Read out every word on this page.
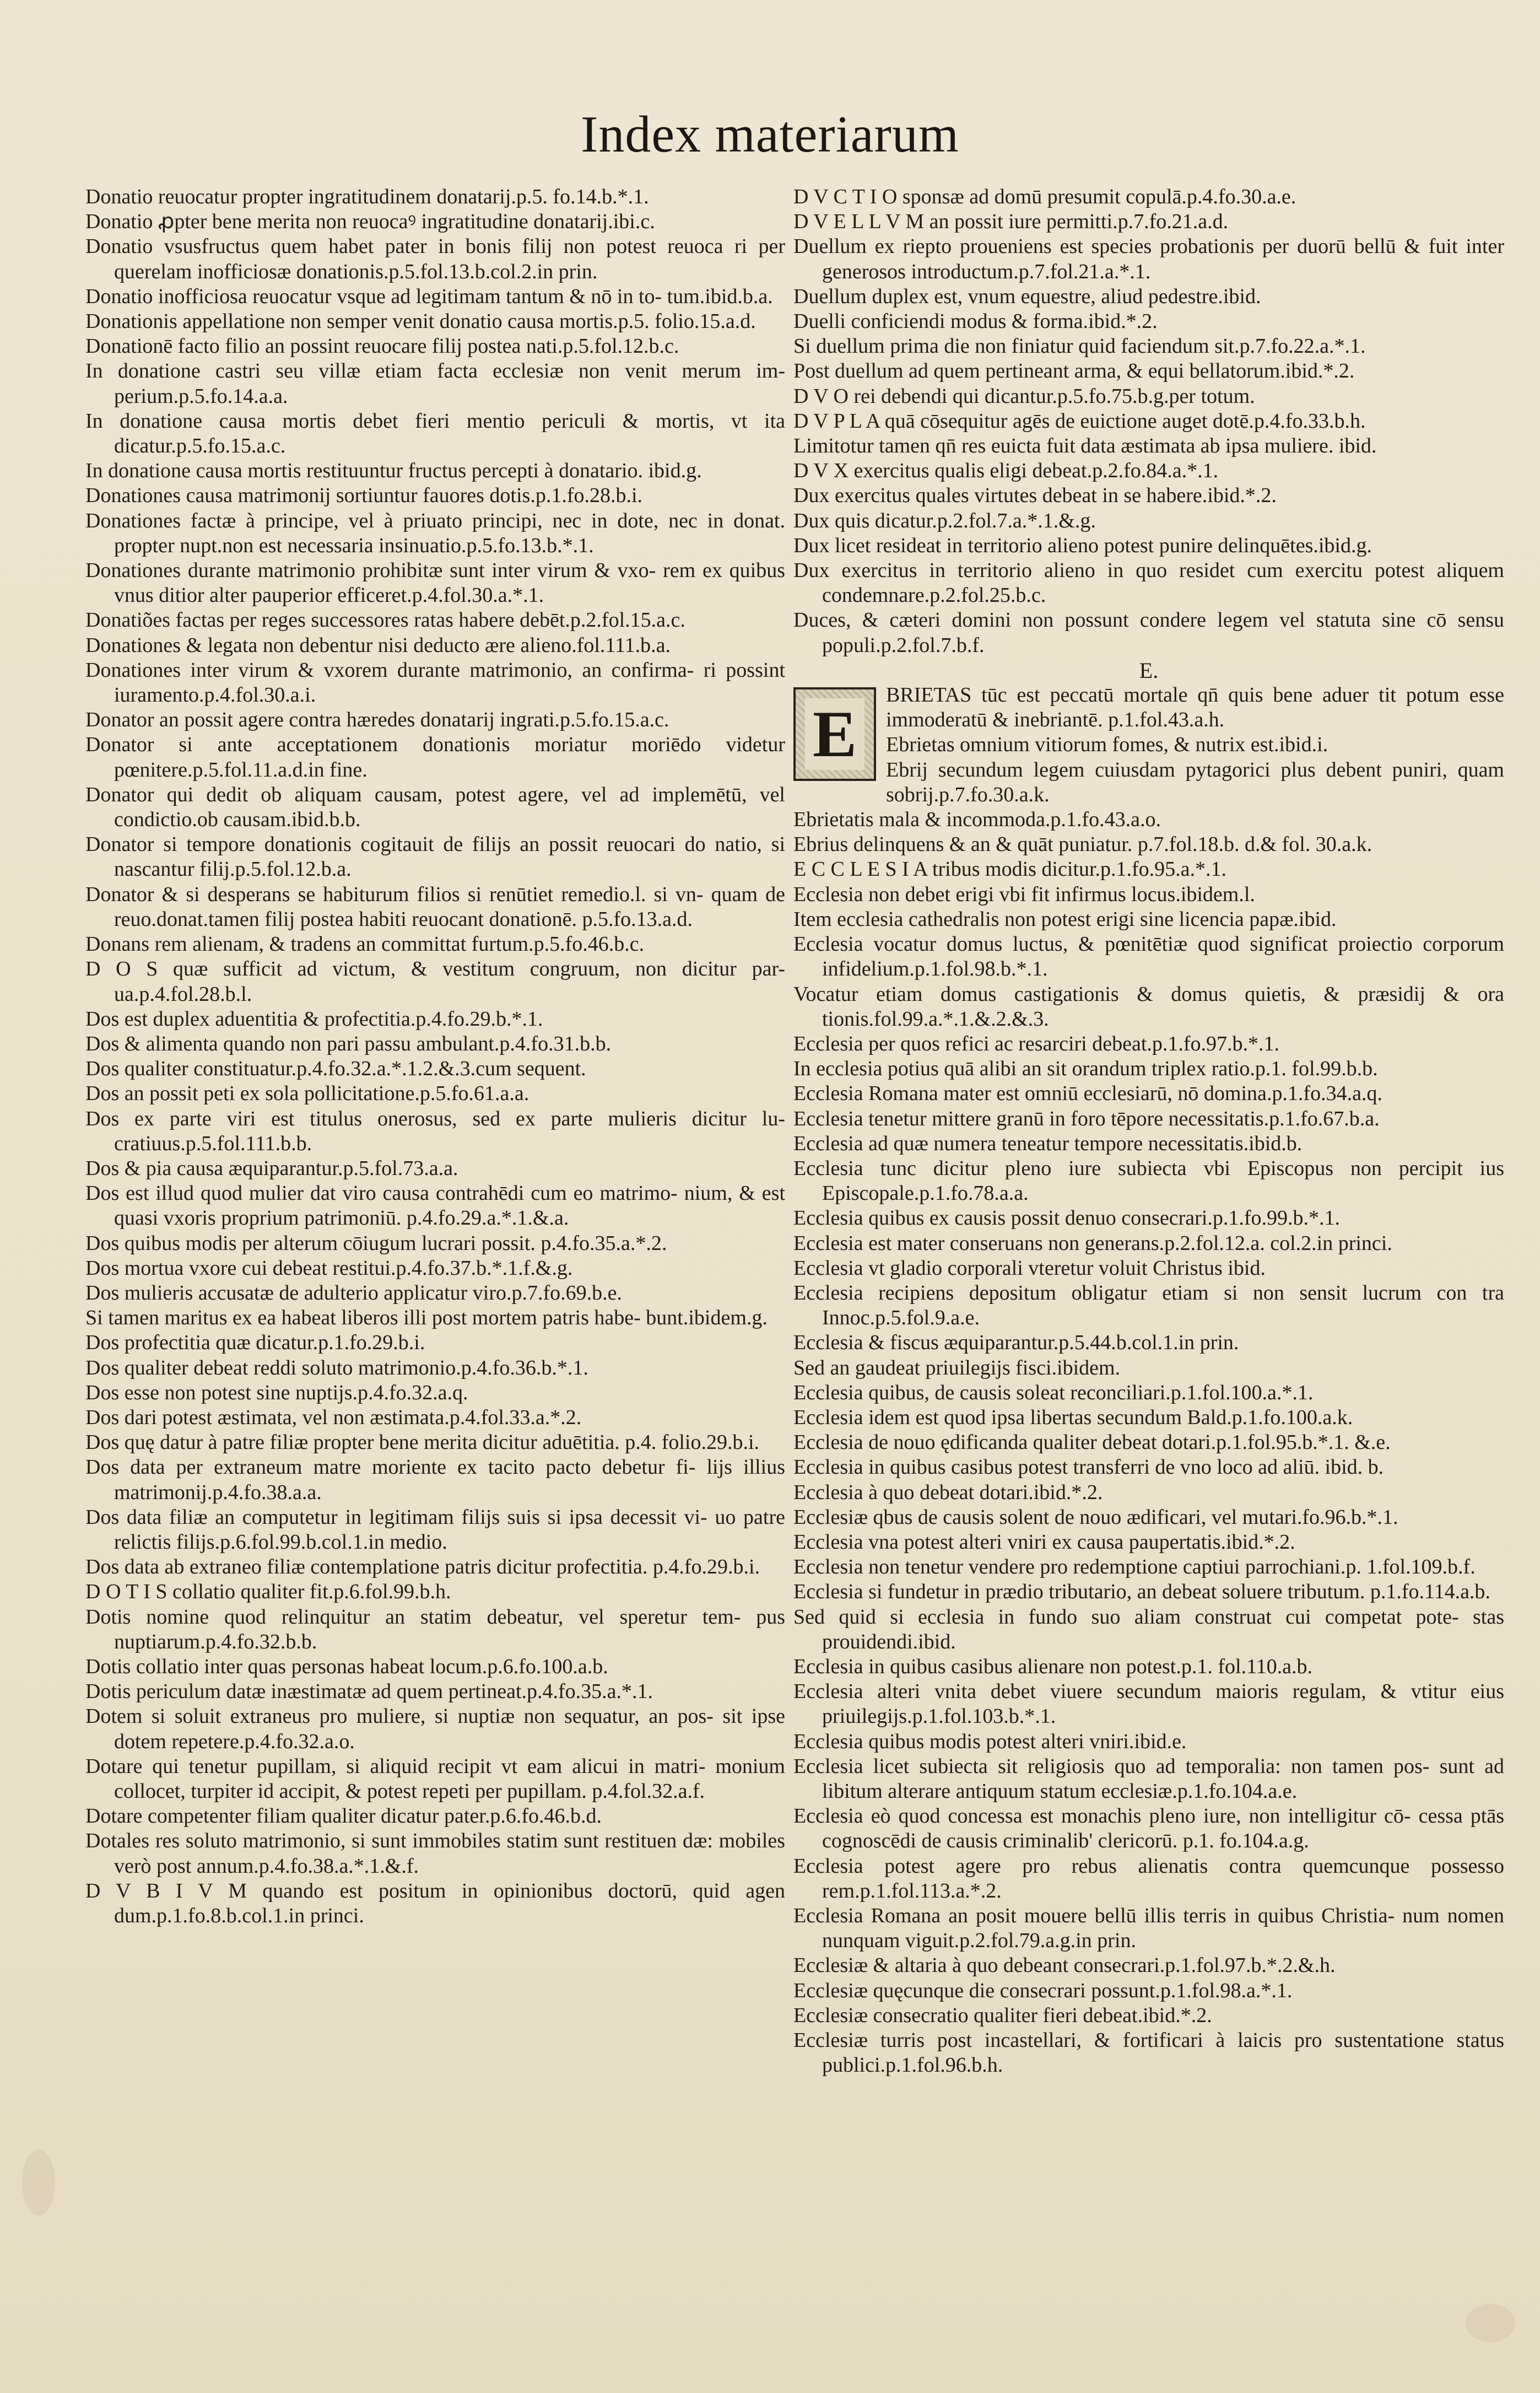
Index materiarum

Donatio reuocatur propter ingratitudinem donatarij.p.5. fo.14.b.*.1.

Donatio ꝓpter bene merita non reuocaꝰ ingratitudine donatarij.ibi.c.

Donatio vsusfructus quem habet pater in bonis filij non potest reuoca ri per querelam inofficiosæ donationis.p.5.fol.13.b.col.2.in prin.

Donatio inofficiosa reuocatur vsque ad legitimam tantum & nō in to- tum.ibid.b.a.

Donationis appellatione non semper venit donatio causa mortis.p.5. folio.15.a.d.

Donationē facto filio an possint reuocare filij postea nati.p.5.fol.12.b.c.

In donatione castri seu villæ etiam facta ecclesiæ non venit merum im- perium.p.5.fo.14.a.a.

In donatione causa mortis debet fieri mentio periculi & mortis, vt ita dicatur.p.5.fo.15.a.c.

In donatione causa mortis restituuntur fructus percepti à donatario. ibid.g.

Donationes causa matrimonij sortiuntur fauores dotis.p.1.fo.28.b.i.

Donationes factæ à principe, vel à priuato principi, nec in dote, nec in donat. propter nupt.non est necessaria insinuatio.p.5.fo.13.b.*.1.

Donationes durante matrimonio prohibitæ sunt inter virum & vxo- rem ex quibus vnus ditior alter pauperior efficeret.p.4.fol.30.a.*.1.

Donatiões factas per reges successores ratas habere debēt.p.2.fol.15.a.c.

Donationes & legata non debentur nisi deducto ære alieno.fol.111.b.a.

Donationes inter virum & vxorem durante matrimonio, an confirma- ri possint iuramento.p.4.fol.30.a.i.

Donator an possit agere contra hæredes donatarij ingrati.p.5.fo.15.a.c.

Donator si ante acceptationem donationis moriatur moriēdo videtur pœnitere.p.5.fol.11.a.d.in fine.

Donator qui dedit ob aliquam causam, potest agere, vel ad implemētū, vel condictio.ob causam.ibid.b.b.

Donator si tempore donationis cogitauit de filijs an possit reuocari do natio, si nascantur filij.p.5.fol.12.b.a.

Donator & si desperans se habiturum filios si renūtiet remedio.l. si vn- quam de reuo.donat.tamen filij postea habiti reuocant donationē. p.5.fo.13.a.d.

Donans rem alienam, & tradens an committat furtum.p.5.fo.46.b.c.

D O S quæ sufficit ad victum, & vestitum congruum, non dicitur par- ua.p.4.fol.28.b.l.

Dos est duplex aduentitia & profectitia.p.4.fo.29.b.*.1.

Dos & alimenta quando non pari passu ambulant.p.4.fo.31.b.b.

Dos qualiter constituatur.p.4.fo.32.a.*.1.2.&.3.cum sequent.

Dos an possit peti ex sola pollicitatione.p.5.fo.61.a.a.

Dos ex parte viri est titulus onerosus, sed ex parte mulieris dicitur lu- cratiuus.p.5.fol.111.b.b.

Dos & pia causa æquiparantur.p.5.fol.73.a.a.

Dos est illud quod mulier dat viro causa contrahēdi cum eo matrimo- nium, & est quasi vxoris proprium patrimoniū. p.4.fo.29.a.*.1.&.a.

Dos quibus modis per alterum cōiugum lucrari possit. p.4.fo.35.a.*.2.

Dos mortua vxore cui debeat restitui.p.4.fo.37.b.*.1.f.&.g.

Dos mulieris accusatæ de adulterio applicatur viro.p.7.fo.69.b.e.

Si tamen maritus ex ea habeat liberos illi post mortem patris habe- bunt.ibidem.g.

Dos profectitia quæ dicatur.p.1.fo.29.b.i.

Dos qualiter debeat reddi soluto matrimonio.p.4.fo.36.b.*.1.

Dos esse non potest sine nuptijs.p.4.fo.32.a.q.

Dos dari potest æstimata, vel non æstimata.p.4.fol.33.a.*.2.

Dos quę datur à patre filiæ propter bene merita dicitur aduētitia. p.4. folio.29.b.i.

Dos data per extraneum matre moriente ex tacito pacto debetur fi- lijs illius matrimonij.p.4.fo.38.a.a.

Dos data filiæ an computetur in legitimam filijs suis si ipsa decessit vi- uo patre relictis filijs.p.6.fol.99.b.col.1.in medio.

Dos data ab extraneo filiæ contemplatione patris dicitur profectitia. p.4.fo.29.b.i.

D O T I S collatio qualiter fit.p.6.fol.99.b.h.

Dotis nomine quod relinquitur an statim debeatur, vel speretur tem- pus nuptiarum.p.4.fo.32.b.b.

Dotis collatio inter quas personas habeat locum.p.6.fo.100.a.b.

Dotis periculum datæ inæstimatæ ad quem pertineat.p.4.fo.35.a.*.1.

Dotem si soluit extraneus pro muliere, si nuptiæ non sequatur, an pos- sit ipse dotem repetere.p.4.fo.32.a.o.

Dotare qui tenetur pupillam, si aliquid recipit vt eam alicui in matri- monium collocet, turpiter id accipit, & potest repeti per pupillam. p.4.fol.32.a.f.

Dotare competenter filiam qualiter dicatur pater.p.6.fo.46.b.d.

Dotales res soluto matrimonio, si sunt immobiles statim sunt restituen dæ: mobiles verò post annum.p.4.fo.38.a.*.1.&.f.

D V B I V M quando est positum in opinionibus doctorū, quid agen dum.p.1.fo.8.b.col.1.in princi.

D V C T I O sponsæ ad domū presumit copulā.p.4.fo.30.a.e.

D V E L L V M an possit iure permitti.p.7.fo.21.a.d.

Duellum ex riepto proueniens est species probationis per duorū bellū & fuit inter generosos introductum.p.7.fol.21.a.*.1.

Duellum duplex est, vnum equestre, aliud pedestre.ibid.

Duelli conficiendi modus & forma.ibid.*.2.

Si duellum prima die non finiatur quid faciendum sit.p.7.fo.22.a.*.1.

Post duellum ad quem pertineant arma, & equi bellatorum.ibid.*.2.

D V O rei debendi qui dicantur.p.5.fo.75.b.g.per totum.

D V P L A quā cōsequitur agēs de euictione auget dotē.p.4.fo.33.b.h.

Limitotur tamen qn̄ res euicta fuit data æstimata ab ipsa muliere. ibid.

D V X exercitus qualis eligi debeat.p.2.fo.84.a.*.1.

Dux exercitus quales virtutes debeat in se habere.ibid.*.2.

Dux quis dicatur.p.2.fol.7.a.*.1.&.g.

Dux licet resideat in territorio alieno potest punire delinquētes.ibid.g.

Dux exercitus in territorio alieno in quo residet cum exercitu potest aliquem condemnare.p.2.fol.25.b.c.

Duces, & cæteri domini non possunt condere legem vel statuta sine cō sensu populi.p.2.fol.7.b.f.

E.

E

BRIETAS tūc est peccatū mortale qn̄ quis bene aduer tit potum esse immoderatū & inebriantē. p.1.fol.43.a.h.

Ebrietas omnium vitiorum fomes, & nutrix est.ibid.i.

Ebrij secundum legem cuiusdam pytagorici plus debent puniri, quam sobrij.p.7.fo.30.a.k.

Ebrietatis mala & incommoda.p.1.fo.43.a.o.

Ebrius delinquens & an & quāt puniatur. p.7.fol.18.b. d.& fol. 30.a.k.

E C C L E S I A tribus modis dicitur.p.1.fo.95.a.*.1.

Ecclesia non debet erigi vbi fit infirmus locus.ibidem.l.

Item ecclesia cathedralis non potest erigi sine licencia papæ.ibid.

Ecclesia vocatur domus luctus, & pœnitētiæ quod significat proiectio corporum infidelium.p.1.fol.98.b.*.1.

Vocatur etiam domus castigationis & domus quietis, & præsidij & ora tionis.fol.99.a.*.1.&.2.&.3.

Ecclesia per quos refici ac resarciri debeat.p.1.fo.97.b.*.1.

In ecclesia potius quā alibi an sit orandum triplex ratio.p.1. fol.99.b.b.

Ecclesia Romana mater est omniū ecclesiarū, nō domina.p.1.fo.34.a.q.

Ecclesia tenetur mittere granū in foro tēpore necessitatis.p.1.fo.67.b.a.

Ecclesia ad quæ numera teneatur tempore necessitatis.ibid.b.

Ecclesia tunc dicitur pleno iure subiecta vbi Episcopus non percipit ius Episcopale.p.1.fo.78.a.a.

Ecclesia quibus ex causis possit denuo consecrari.p.1.fo.99.b.*.1.

Ecclesia est mater conseruans non generans.p.2.fol.12.a. col.2.in princi.

Ecclesia vt gladio corporali vteretur voluit Christus ibid.

Ecclesia recipiens depositum obligatur etiam si non sensit lucrum con tra Innoc.p.5.fol.9.a.e.

Ecclesia & fiscus æquiparantur.p.5.44.b.col.1.in prin.

Sed an gaudeat priuilegijs fisci.ibidem.

Ecclesia quibus, de causis soleat reconciliari.p.1.fol.100.a.*.1.

Ecclesia idem est quod ipsa libertas secundum Bald.p.1.fo.100.a.k.

Ecclesia de nouo ędificanda qualiter debeat dotari.p.1.fol.95.b.*.1. &.e.

Ecclesia in quibus casibus potest transferri de vno loco ad aliū. ibid. b.

Ecclesia à quo debeat dotari.ibid.*.2.

Ecclesiæ qbus de causis solent de nouo ædificari, vel mutari.fo.96.b.*.1.

Ecclesia vna potest alteri vniri ex causa paupertatis.ibid.*.2.

Ecclesia non tenetur vendere pro redemptione captiui parrochiani.p. 1.fol.109.b.f.

Ecclesia si fundetur in prædio tributario, an debeat soluere tributum. p.1.fo.114.a.b.

Sed quid si ecclesia in fundo suo aliam construat cui competat pote- stas prouidendi.ibid.

Ecclesia in quibus casibus alienare non potest.p.1. fol.110.a.b.

Ecclesia alteri vnita debet viuere secundum maioris regulam, & vtitur eius priuilegijs.p.1.fol.103.b.*.1.

Ecclesia quibus modis potest alteri vniri.ibid.e.

Ecclesia licet subiecta sit religiosis quo ad temporalia: non tamen pos- sunt ad libitum alterare antiquum statum ecclesiæ.p.1.fo.104.a.e.

Ecclesia eò quod concessa est monachis pleno iure, non intelligitur cō- cessa ptās cognoscēdi de causis criminalib' clericorū. p.1. fo.104.a.g.

Ecclesia potest agere pro rebus alienatis contra quemcunque possesso rem.p.1.fol.113.a.*.2.

Ecclesia Romana an posit mouere bellū illis terris in quibus Christia- num nomen nunquam viguit.p.2.fol.79.a.g.in prin.

Ecclesiæ & altaria à quo debeant consecrari.p.1.fol.97.b.*.2.&.h.

Ecclesiæ quęcunque die consecrari possunt.p.1.fol.98.a.*.1.

Ecclesiæ consecratio qualiter fieri debeat.ibid.*.2.

Ecclesiæ turris post incastellari, & fortificari à laicis pro sustentatione status publici.p.1.fol.96.b.h.
